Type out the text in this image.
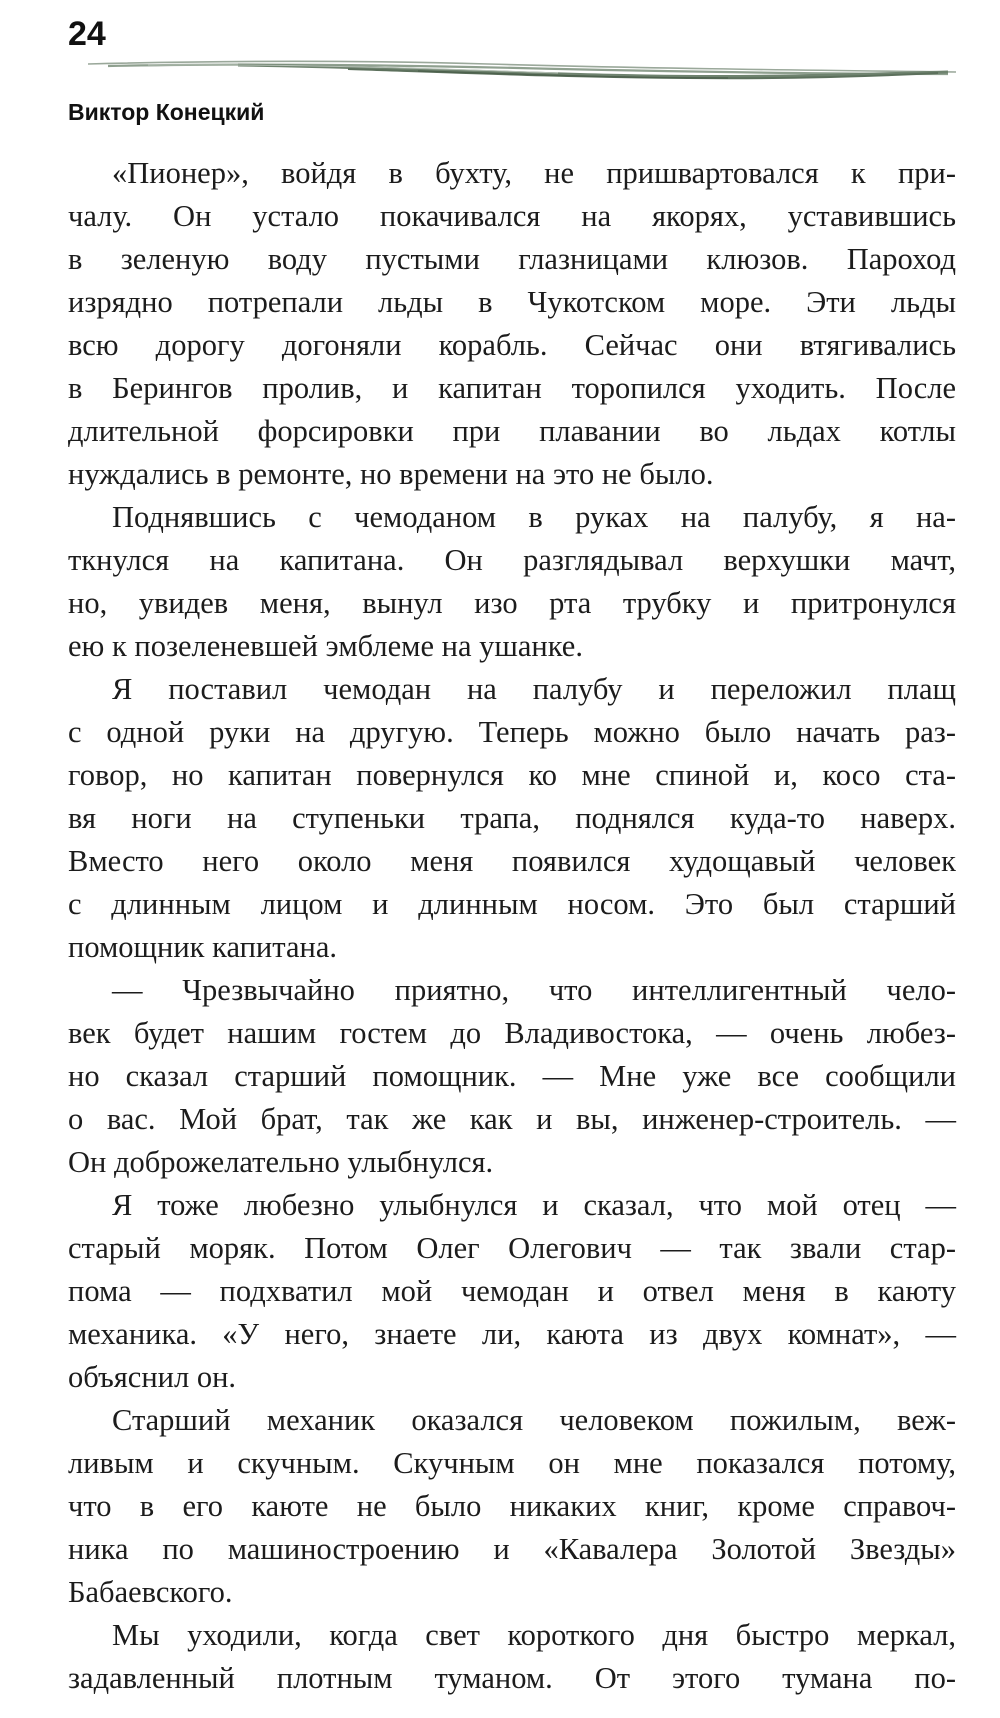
24
Виктор Конецкий

«Пионер», войдя в бухту, не пришвартовался к при-
чалу. Он устало покачивался на якорях, уставившись
в зеленую воду пустыми глазницами клюзов. Пароход
изрядно потрепали льды в Чукотском море. Эти льды
всю дорогу догоняли корабль. Сейчас они втягивались
в Берингов пролив, и капитан торопился уходить. После
длительной форсировки при плавании во льдах котлы
нуждались в ремонте, но времени на это не было.

Поднявшись с чемоданом в руках на палубу, я на-
ткнулся на капитана. Он разглядывал верхушки мачт,
но, увидев меня, вынул изо рта трубку и притронулся
ею к позеленевшей эмблеме на ушанке.

Я поставил чемодан на палубу и переложил плащ
с одной руки на другую. Теперь можно было начать раз-
говор, но капитан повернулся ко мне спиной и, косо ста-
вя ноги на ступеньки трапа, поднялся куда-то наверх.
Вместо него около меня появился худощавый человек
с длинным лицом и длинным носом. Это был старший
помощник капитана.

— Чрезвычайно приятно, что интеллигентный чело-
век будет нашим гостем до Владивостока, — очень любез-
но сказал старший помощник. — Мне уже все сообщили
о вас. Мой брат, так же как и вы, инженер-строитель. —
Он доброжелательно улыбнулся.

Я тоже любезно улыбнулся и сказал, что мой отец —
старый моряк. Потом Олег Олегович — так звали стар-
пома — подхватил мой чемодан и отвел меня в каюту
механика. «У него, знаете ли, каюта из двух комнат», —
объяснил он.

Старший механик оказался человеком пожилым, веж-
ливым и скучным. Скучным он мне показался потому,
что в его каюте не было никаких книг, кроме справоч-
ника по машиностроению и «Кавалера Золотой Звезды»
Бабаевского.

Мы уходили, когда свет короткого дня быстро меркал,
задавленный плотным туманом. От этого тумана по-
